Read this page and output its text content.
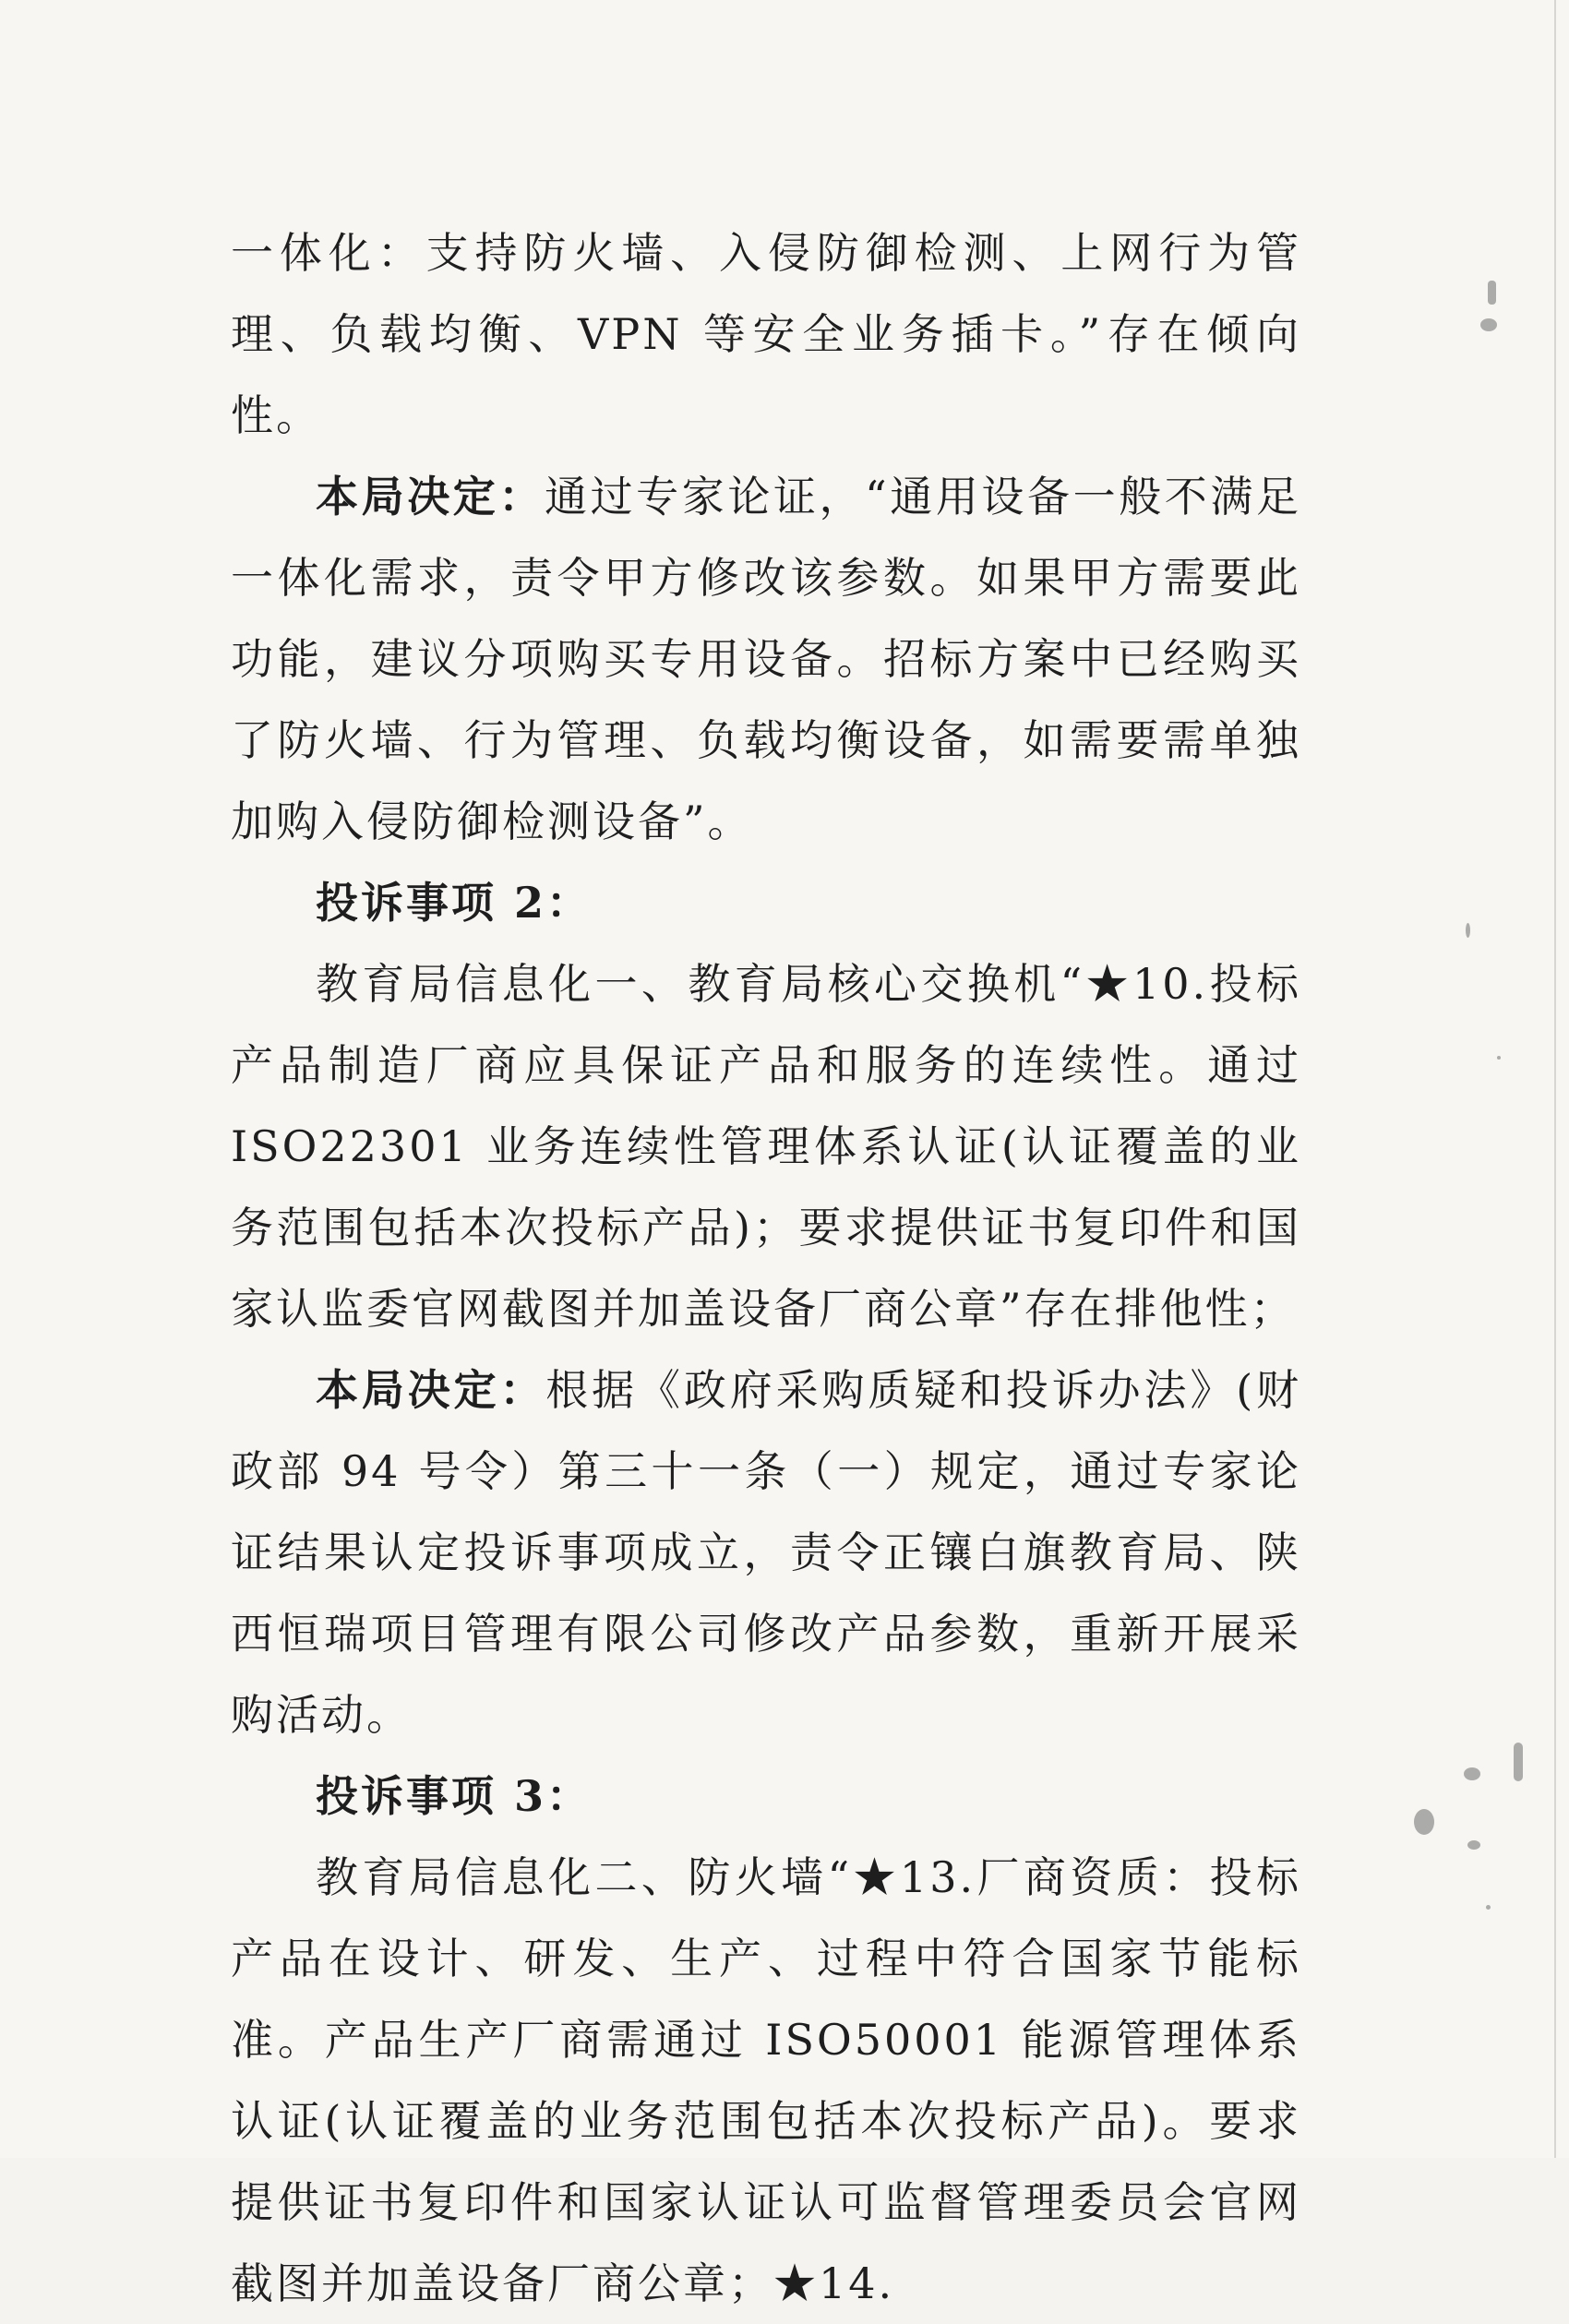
一体化：支持防火墙、入侵防御检测、上网行为管理、负载均衡、VPN 等安全业务插卡。”存在倾向性。

本局决定：通过专家论证，“通用设备一般不满足一体化需求，责令甲方修改该参数。如果甲方需要此功能，建议分项购买专用设备。招标方案中已经购买了防火墙、行为管理、负载均衡设备，如需要需单独加购入侵防御检测设备”。

投诉事项 2：

教育局信息化一、教育局核心交换机“★10.投标产品制造厂商应具保证产品和服务的连续性。通过 ISO22301 业务连续性管理体系认证(认证覆盖的业务范围包括本次投标产品)；要求提供证书复印件和国家认监委官网截图并加盖设备厂商公章”存在排他性；

本局决定：根据《政府采购质疑和投诉办法》(财政部 94 号令）第三十一条（一）规定，通过专家论证结果认定投诉事项成立，责令正镶白旗教育局、陕西恒瑞项目管理有限公司修改产品参数，重新开展采购活动。

投诉事项 3：

教育局信息化二、防火墙“★13.厂商资质：投标产品在设计、研发、生产、过程中符合国家节能标准。产品生产厂商需通过 ISO50001 能源管理体系认证(认证覆盖的业务范围包括本次投标产品)。要求提供证书复印件和国家认证认可监督管理委员会官网截图并加盖设备厂商公章；★14.
